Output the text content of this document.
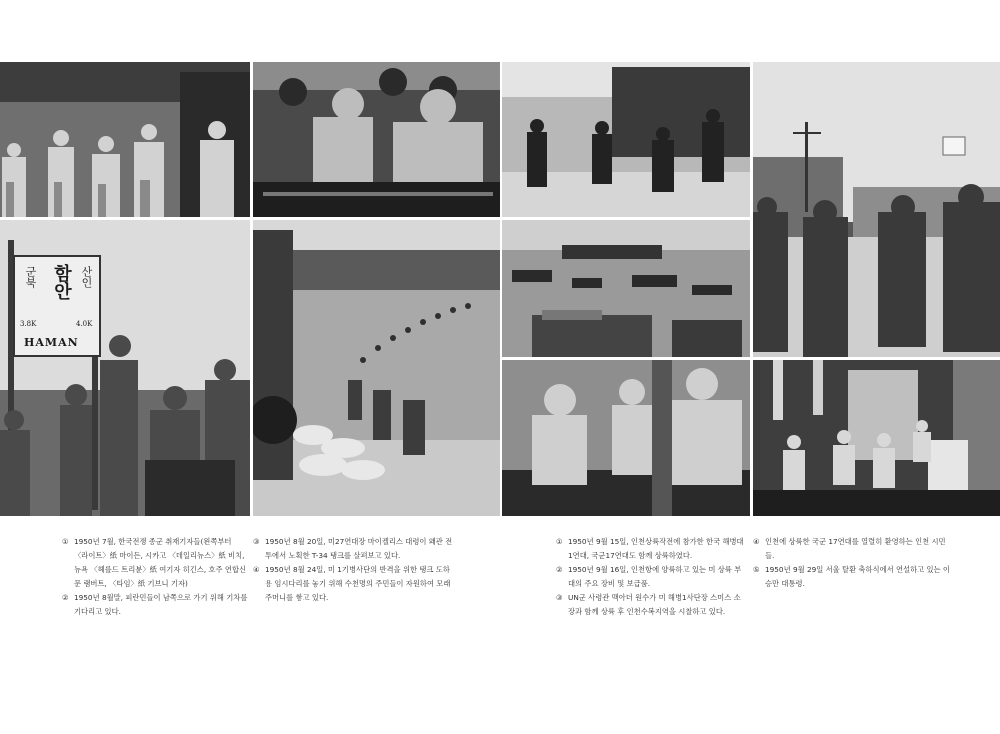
군북 함안 산인
3.8K	4.0K
HAMAN

① 1950년 7월, 한국전쟁 종군 취재기자들(왼쪽부터 〈라이트〉紙 마이든, 시카고 〈데일리뉴스〉紙 비치, 뉴욕 〈헤를드 트리뷴〉紙 여기자 히긴스, 호주 연합신문 램버트, 〈타임〉紙 기브니 기자)

② 1950년 8월말, 피란민들이 남쪽으로 가기 위해 기차를 기다리고 있다.

③ 1950년 8월 20일, 미27연대장 마이켈리스 대령이 왜관 전투에서 노획한 T-34 탱크를 살펴보고 있다.

④ 1950년 8월 24일, 미 1기병사단의 반격을 위한 탱크 도하용 임시다리를 놓기 위해 수천명의 주민들이 자원하여 모래주머니를 쌓고 있다.

① 1950년 9월 15일, 인천상륙작전에 참가한 한국 해병대 1연대, 국군17연대도 함께 상륙하였다.

② 1950년 9월 16일, 인천항에 양륙하고 있는 미 상륙 부대의 주요 장비 및 보급품.

③ UN군 사령관 맥아더 원수가 미 해병1사단장 스미스 소장과 함께 상륙 후 인천수복지역을 시찰하고 있다.

④ 인천에 상륙한 국군 17연대를 열렬히 환영하는 인천 시민들.

⑤ 1950년 9월 29일 서울 탈환 축하식에서 연설하고 있는 이승만 대통령.
